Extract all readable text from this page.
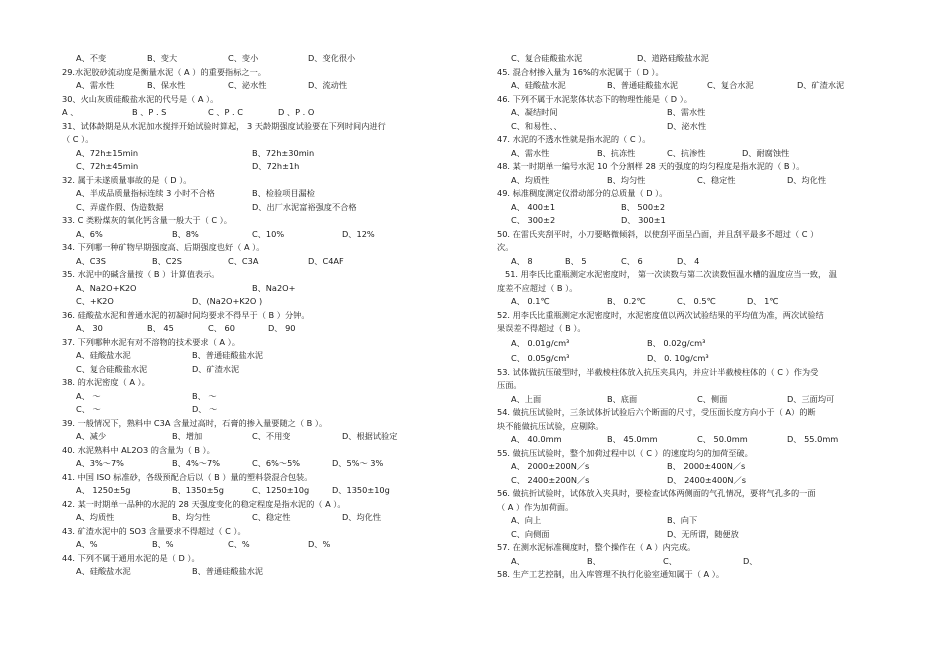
A、不变	B、变大	C、变小	D、变化很小
29.水泥胶砂流动度是衡量水泥（ A ）的重要指标之一。
A、需水性	B、保水性	C、泌水性	D、流动性
30、火山灰质硅酸盐水泥的代号是（ A ）。
A 、	B 、P . S	C 、P . C	D 、P . O
31、试体龄期是从水泥加水搅拌开始试验时算起， 3 天龄期强度试验要在下列时间内进行
（ C ）。
A、72h±15min	B、72h±30min
C、72h±45min	D、72h±1h
32. 属于未遂质量事故的是（ D ）。
A、半成品质量指标连续 3 小时不合格	B、检验项目漏检
C、弄虚作假、伪造数据	D、出厂水泥富裕强度不合格
33. C 类粉煤灰的氧化钙含量一般大于（ C ）。
A、6%	B、8%	C、10%	D、12%
34. 下列哪一种矿物早期强度高、后期强度也好（ A ）。
A、C3S	B、C2S	C、C3A	D、C4AF
35. 水泥中的碱含量按（ B ）计算值表示。
A、Na2O+K2O	B、Na2O+
C、+K2O	D、(Na2O+K2O )
36. 硅酸盐水泥和普通水泥的初凝时间均要求不得早于（ B ）分钟。
A、 30	B、 45	C、 60	D、 90
37. 下列哪种水泥有对不溶物的技术要求（ A ）。
A、硅酸盐水泥	B、普通硅酸盐水泥
C、复合硅酸盐水泥	D、矿渣水泥
38. 的水泥密度（ A ）。
A、 ～	B、 ～
C、 ～	D、 ～
39. 一般情况下，熟料中 C3A 含量过高时，石膏的掺入量要随之（ B ）。
A、减少	B、增加	C、不用变	D、根据试验定
40. 水泥熟料中 AL2O3 的含量为（ B ）。
A、3%～7%	B、4%～7%	C、6%～5%	D、5%～ 3%
41. 中国 ISO 标准砂，各级预配合后以（ B ）量的塑料袋混合包装。
A、 1250±5g	B、1350±5g	C、1250±10g	D、1350±10g
42. 某一时期单一品种的水泥的 28 天强度变化的稳定程度是指水泥的（ A ）。
A、均质性	B、均匀性	C、稳定性	D、均化性
43. 矿渣水泥中的 SO3 含量要求不得超过（ C ）。
A、%	B、%	C、%	D、%
44. 下列不属于通用水泥的是（ D ）。
A、硅酸盐水泥	B、普通硅酸盐水泥
C、复合硅酸盐水泥	D、道路硅酸盐水泥
45. 混合材掺入量为 16%的水泥属于（ D ）。
A、硅酸盐水泥	B、普通硅酸盐水泥	C、复合水泥	D、矿渣水泥
46. 下列不属于水泥浆体状态下的物理性能是（ D ）。
A、凝结时间	B、需水性
C、和易性、、	D、泌水性
47. 水泥的不透水性就是指水泥的（ C ）。
A、需水性	B、抗冻性	C、抗渗性	D、耐腐蚀性
48. 某一时期单一编号水泥 10 个分割样 28 天的强度的均匀程度是指水泥的（ B ）。
A、均质性	B、均匀性	C、稳定性	D、均化性
49. 标准稠度测定仪滑动部分的总质量（ D ）。
A、 400±1	B、 500±2
C、 300±2	D、 300±1
50. 在雷氏夹刮平时，小刀要略微倾斜，以使刮平面呈凸面，并且刮平最多不超过（ C ）
次。
A、 8	B、 5	C、 6	D、 4
51. 用李氏比重瓶测定水泥密度时， 第一次读数与第二次读数恒温水槽的温度应当一致， 温
度差不应超过（ B ）。
A、 0.1℃	B、 0.2℃	C、 0.5℃	D、 1℃
52. 用李氏比重瓶测定水泥密度时，水泥密度值以两次试验结果的平均值为准，两次试验结
果误差不得超过（ B ）。
A、 0.01g/cm³	B、 0.02g/cm³
C、 0.05g/cm³	D、 0. 10g/cm³
53. 试体做抗压破型时，半截棱柱体放入抗压夹具内，并应计半截棱柱体的（ C ）作为受
压面。
A、上面	B、底面	C、侧面	D、三面均可
54. 做抗压试验时，三条试体折试验后六个断面的尺寸，受压面长度方向小于（ A）的断
块不能做抗压试验，应剔除。
A、 40.0mm	B、 45.0mm	C、 50.0mm	D、 55.0mm
55. 做抗压试验时，整个加荷过程中以（ C ）的速度均匀的加荷至破。
A、 2000±200N／s	B、 2000±400N／s
C、 2400±200N／s	D、 2400±400N／s
56. 做抗折试验时，试体放入夹具时，要检查试体两侧面的气孔情况，要将气孔多的一面
（ A ）作为加荷面。
A、向上	B、向下
C、向侧面	D、无所谓，随便放
57. 在测水泥标准稠度时，整个操作在（ A ）内完成。
A、	B、	C、	D、
58. 生产工艺控制，出入库管理不执行化验室通知属于（ A ）。
